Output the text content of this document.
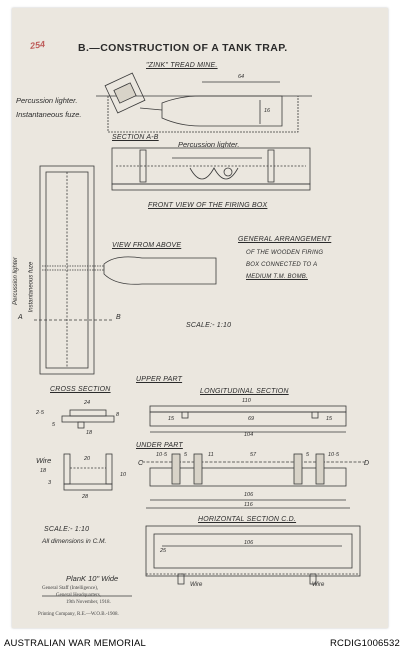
254	B.—CONSTRUCTION OF A TANK TRAP.
"ZINK" TREAD MINE.
Percussion lighter.
Instantaneous fuze.
64
16
SECTION A-B
Percussion lighter.
FRONT VIEW OF THE FIRING BOX
VIEW FROM ABOVE
Percussion lighter Instantaneous fuze
A	B
GENERAL ARRANGEMENT
OF THE WOODEN FIRING
BOX CONNECTED TO A
MEDIUM T.M. BOMB.
SCALE:- 1:10
CROSS SECTION
24
2·5	8
5
18
Wire	20
10
18
3
28
UPPER PART
LONGITUDINAL SECTION
110
15	69	15
104
UNDER PART
C	D
10·5	5	11	57	10·5
5
106
116
HORIZONTAL SECTION C.D.
106
25
Wire	Wire
SCALE:- 1:10
All dimensions in C.M.
PlanK 10" Wide
General Staff (Intelligence),
General Headquarters,
19th November, 1918.
Printing Company, R.E.—W.O.B.-1908.
AUSTRALIAN WAR MEMORIAL	RCDIG1006532
